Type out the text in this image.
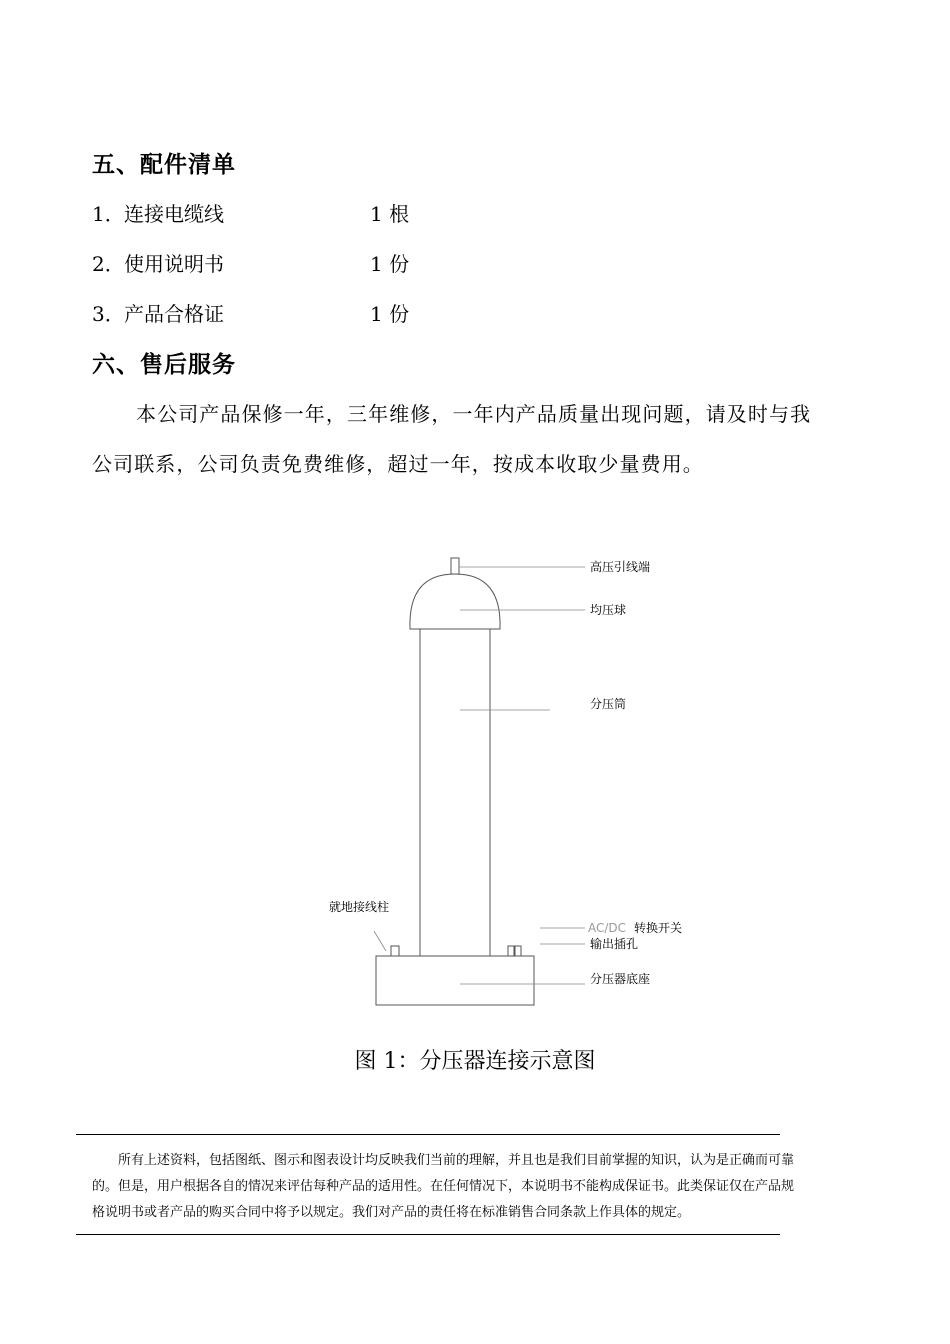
五、配件清单
1． 连接电缆线	1 根
2． 使用说明书	1 份
3． 产品合格证	1 份
六、售后服务
本公司产品保修一年，三年维修，一年内产品质量出现问题，请及时与我
公司联系，公司负责免费维修，超过一年，按成本收取少量费用。
高压引线端
均压球
分压筒
就地接线柱
AC/DC 转换开关
输出插孔
分压器底座
图 1：分压器连接示意图
所有上述资料，包括图纸、图示和图表设计均反映我们当前的理解，并且也是我们目前掌握的知识，认为是正确而可靠
的。但是，用户根据各自的情况来评估每种产品的适用性。在任何情况下，本说明书不能构成保证书。此类保证仅在产品规
格说明书或者产品的购买合同中将予以规定。我们对产品的责任将在标准销售合同条款上作具体的规定。
